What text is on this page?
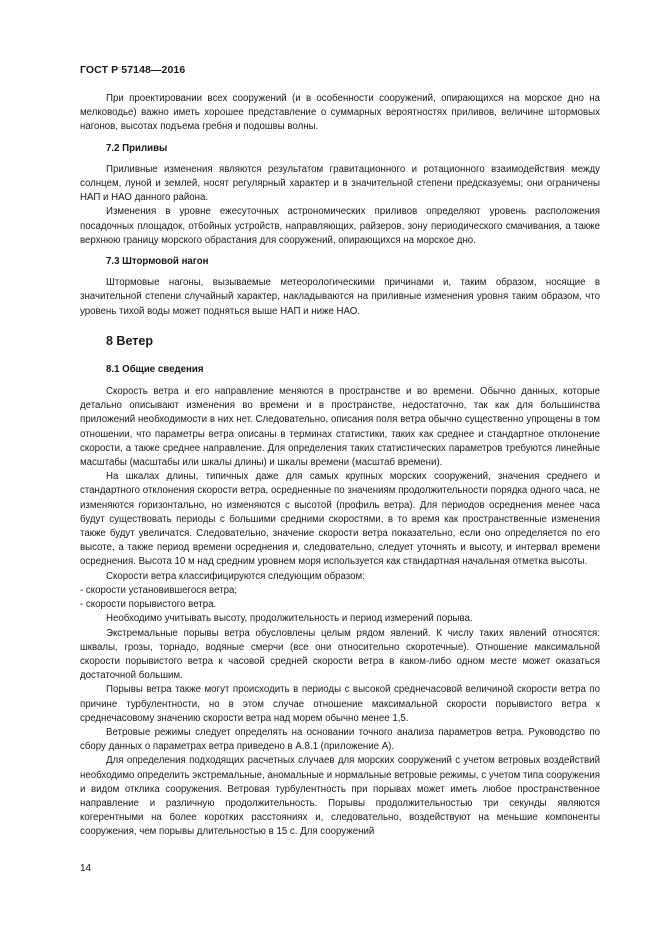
ГОСТ Р 57148—2016

При проектировании всех сооружений (и в особенности сооружений, опирающихся на морское дно на мелководье) важно иметь хорошее представление о суммарных вероятностях приливов, величине штормовых нагонов, высотах подъема гребня и подошвы волны.

7.2 Приливы

Приливные изменения являются результатом гравитационного и ротационного взаимодействия между солнцем, луной и землей, носят регулярный характер и в значительной степени предсказуемы; они ограничены НАП и НАО данного района.

Изменения в уровне ежесуточных астрономических приливов определяют уровень расположения посадочных площадок, отбойных устройств, направляющих, райзеров, зону периодического смачивания, а также верхнюю границу морского обрастания для сооружений, опирающихся на морское дно.

7.3 Штормовой нагон

Штормовые нагоны, вызываемые метеорологическими причинами и, таким образом, носящие в значительной степени случайный характер, накладываются на приливные изменения уровня таким образом, что уровень тихой воды может подняться выше НАП и ниже НАО.

8 Ветер
8.1 Общие сведения

Скорость ветра и его направление меняются в пространстве и во времени. Обычно данных, которые детально описывают изменения во времени и в пространстве, недостаточно, так как для большинства приложений необходимости в них нет. Следовательно, описания поля ветра обычно существенно упрощены в том отношении, что параметры ветра описаны в терминах статистики, таких как среднее и стандартное отклонение скорости, а также среднее направление. Для определения таких статистических параметров требуются линейные масштабы (масштабы или шкалы длины) и шкалы времени (масштаб времени).

На шкалах длины, типичных даже для самых крупных морских сооружений, значения среднего и стандартного отклонения скорости ветра, осредненные по значениям продолжительности порядка одного часа, не изменяются горизонтально, но изменяются с высотой (профиль ветра). Для периодов осреднения менее часа будут существовать периоды с большими средними скоростями, в то время как пространственные изменения также будут увеличатся. Следовательно, значение скорости ветра показательно, если оно определяется по его высоте, а также период времени осреднения и, следовательно, следует уточнять и высоту, и интервал времени осреднения. Высота 10 м над средним уровнем моря используется как стандартная начальная отметка высоты.

Скорости ветра классифицируются следующим образом:

- скорости установившегося ветра;

- скорости порывистого ветра.

Необходимо учитывать высоту, продолжительность и период измерений порыва.

Экстремальные порывы ветра обусловлены целым рядом явлений. К числу таких явлений относятся: шквалы, грозы, торнадо, водяные смерчи (все они относительно скоротечные). Отношение максимальной скорости порывистого ветра к часовой средней скорости ветра в каком-либо одном месте может оказаться достаточной большим.

Порывы ветра также могут происходить в периоды с высокой среднечасовой величиной скорости ветра по причине турбулентности, но в этом случае отношение максимальной скорости порывистого ветра к среднечасовому значению скорости ветра над морем обычно менее 1,5.

Ветровые режимы следует определять на основании точного анализа параметров ветра. Руководство по сбору данных о параметрах ветра приведено в А.8.1 (приложение А).

Для определения подходящих расчетных случаев для морских сооружений с учетом ветровых воздействий необходимо определить экстремальные, аномальные и нормальные ветровые режимы, с учетом типа сооружения и видом отклика сооружения. Ветровая турбулентность при порывах может иметь любое пространственное направление и различную продолжительность. Порывы продолжительностью три секунды являются когерентными на более коротких расстояниях и, следовательно, воздействуют на меньшие компоненты сооружения, чем порывы длительностью в 15 с. Для сооружений

14
